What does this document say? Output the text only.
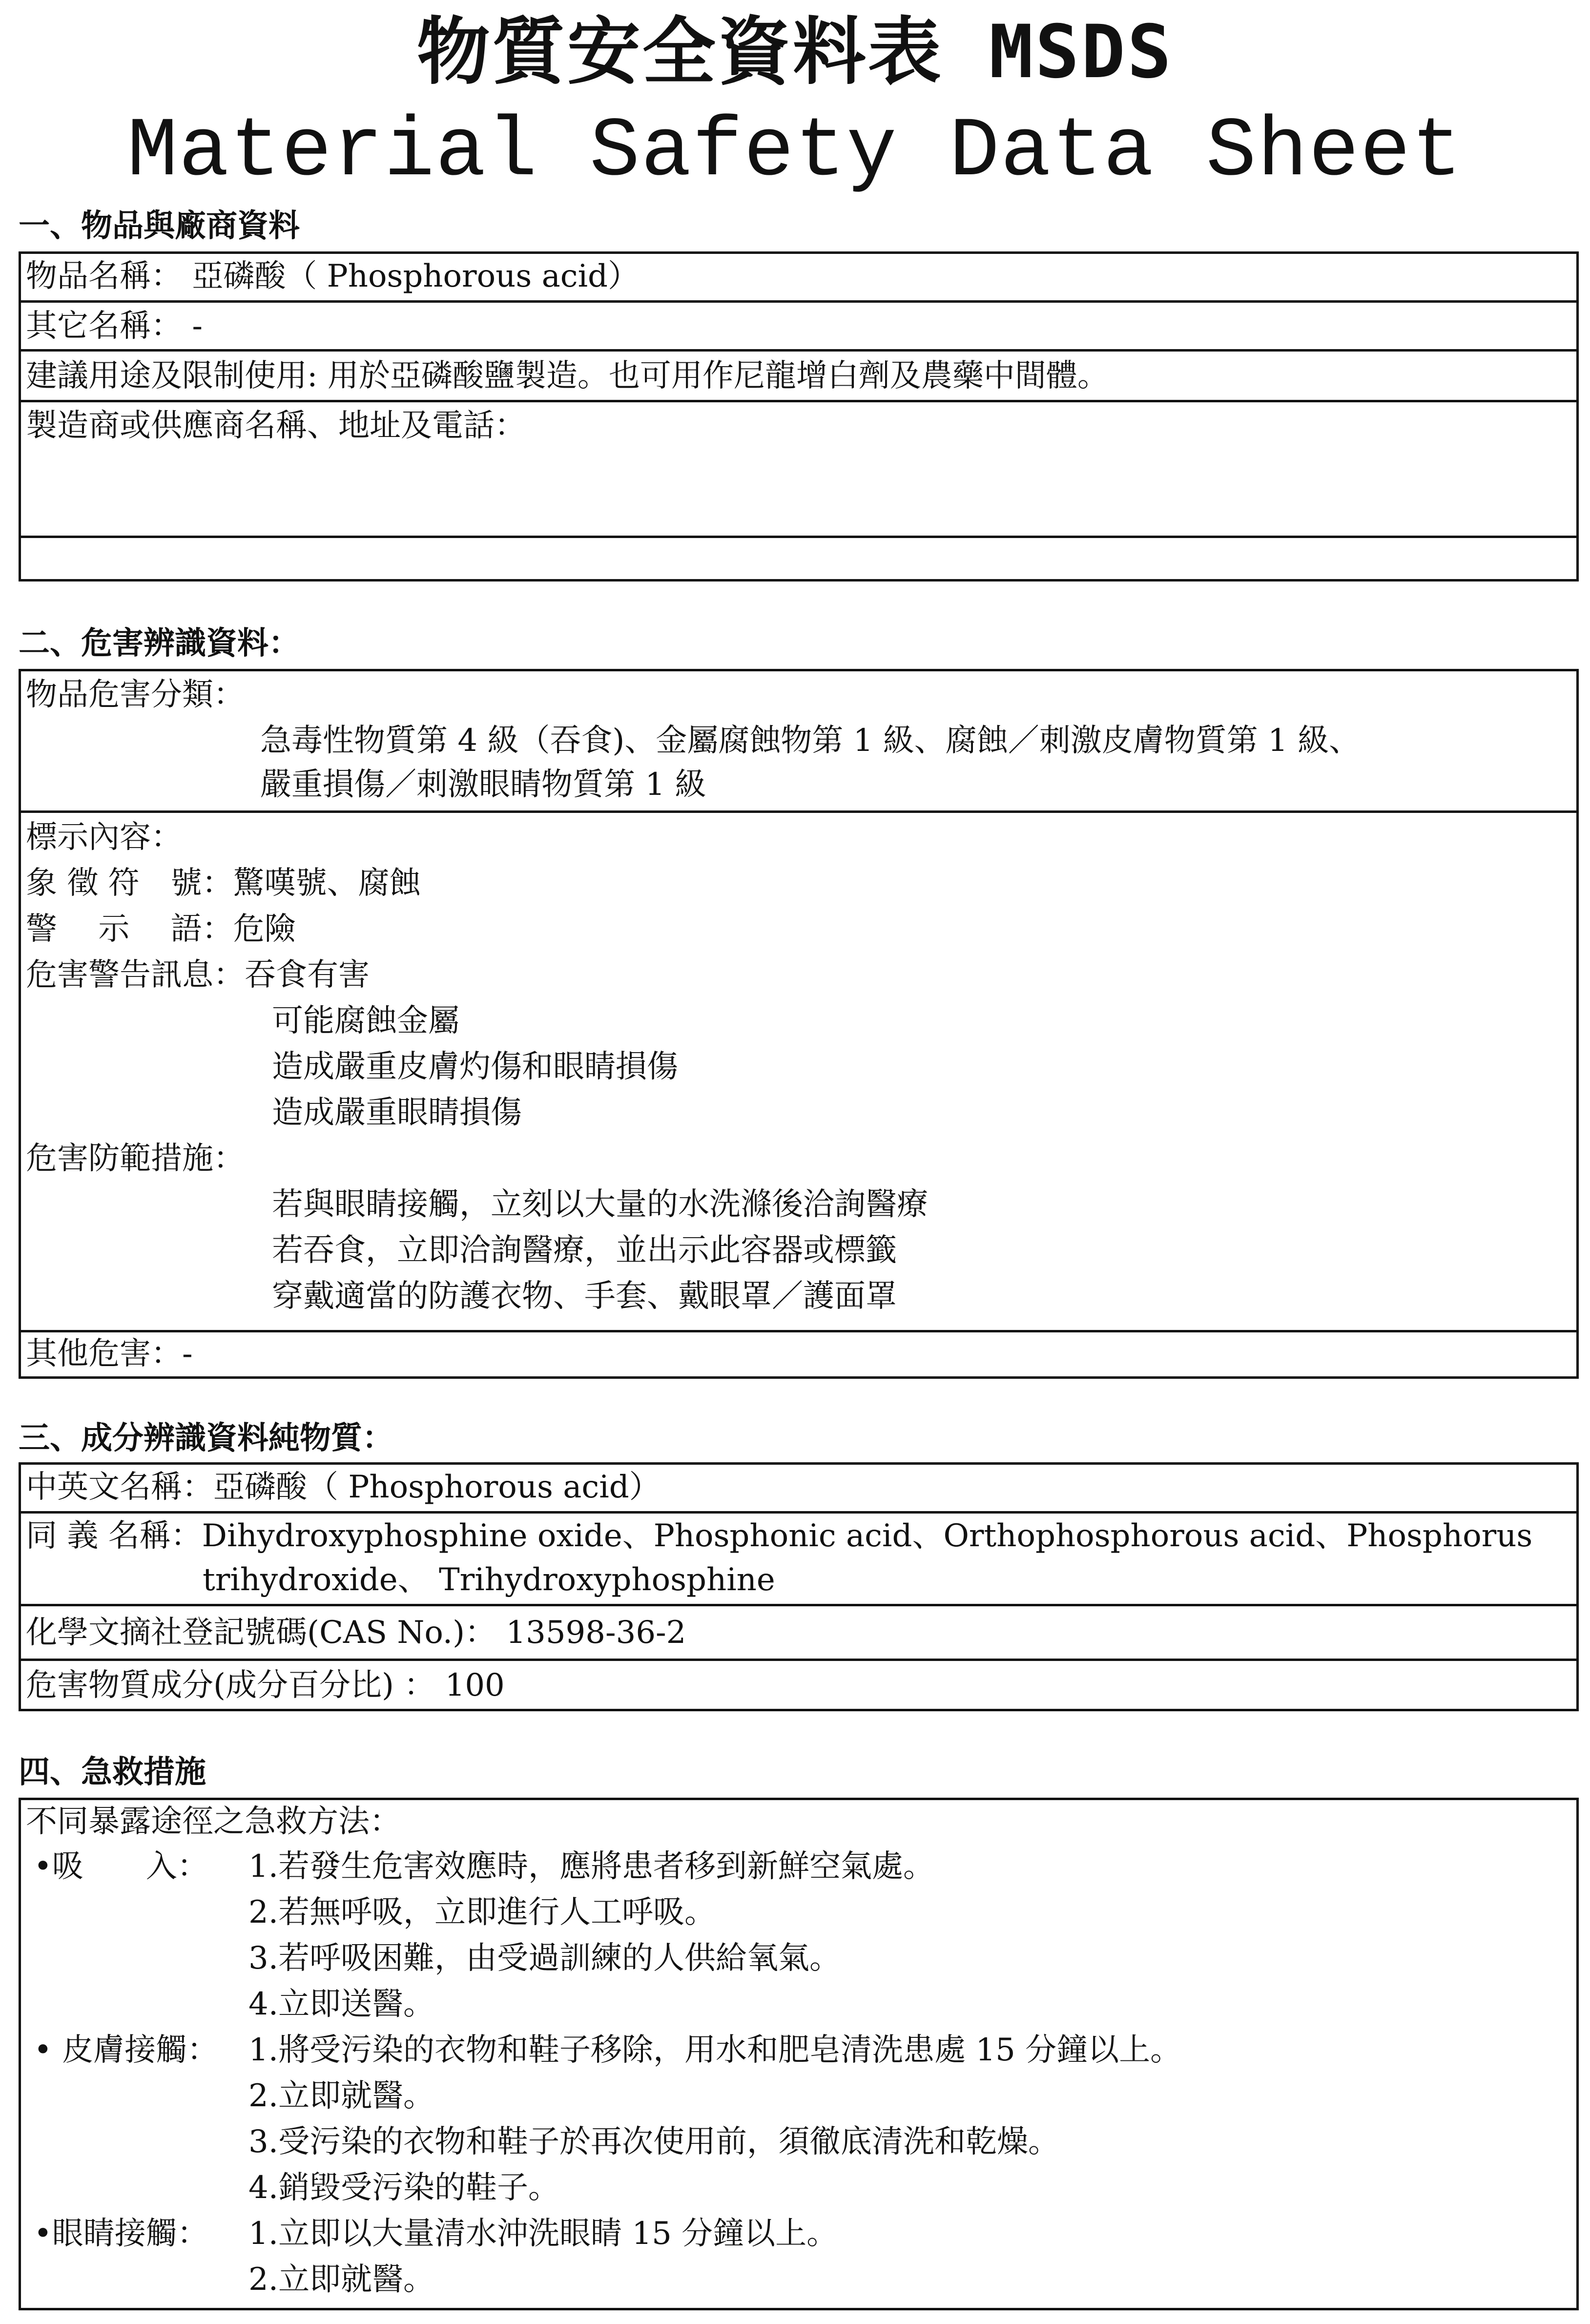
物質安全資料表 MSDS
Material Safety Data Sheet
一、物品與廠商資料
物品名稱： 亞磷酸（ Phosphorous acid）
其它名稱： -
建議用途及限制使用: 用於亞磷酸鹽製造。也可用作尼龍增白劑及農藥中間體。
製造商或供應商名稱、地址及電話：
二、危害辨識資料：
物品危害分類：
急毒性物質第 4 級（吞食)、金屬腐蝕物第 1 級、腐蝕／刺激皮膚物質第 1 級、
嚴重損傷／刺激眼睛物質第 1 級
標示內容：
象 徵 符　號：驚嘆號、腐蝕
警　 示　 語：危險
危害警告訊息：吞食有害
可能腐蝕金屬
造成嚴重皮膚灼傷和眼睛損傷
造成嚴重眼睛損傷
危害防範措施：
若與眼睛接觸，立刻以大量的水洗滌後洽詢醫療
若吞食，立即洽詢醫療，並出示此容器或標籤
穿戴適當的防護衣物、手套、戴眼罩／護面罩
其他危害：-
三、成分辨識資料純物質：
中英文名稱：亞磷酸（ Phosphorous acid）
同 義 名稱：Dihydroxyphosphine oxide、Phosphonic acid、Orthophosphorous acid、Phosphorus
trihydroxide、 Trihydroxyphosphine
化學文摘社登記號碼(CAS No.)： 13598-36-2
危害物質成分(成分百分比) ： 100
四、急救措施
不同暴露途徑之急救方法：
•吸　　入： 1.若發生危害效應時，應將患者移到新鮮空氣處。
2.若無呼吸，立即進行人工呼吸。
3.若呼吸困難，由受過訓練的人供給氧氣。
4.立即送醫。
• 皮膚接觸： 1.將受污染的衣物和鞋子移除，用水和肥皂清洗患處 15 分鐘以上。
2.立即就醫。
3.受污染的衣物和鞋子於再次使用前，須徹底清洗和乾燥。
4.銷毀受污染的鞋子。
•眼睛接觸： 1.立即以大量清水沖洗眼睛 15 分鐘以上。
2.立即就醫。
